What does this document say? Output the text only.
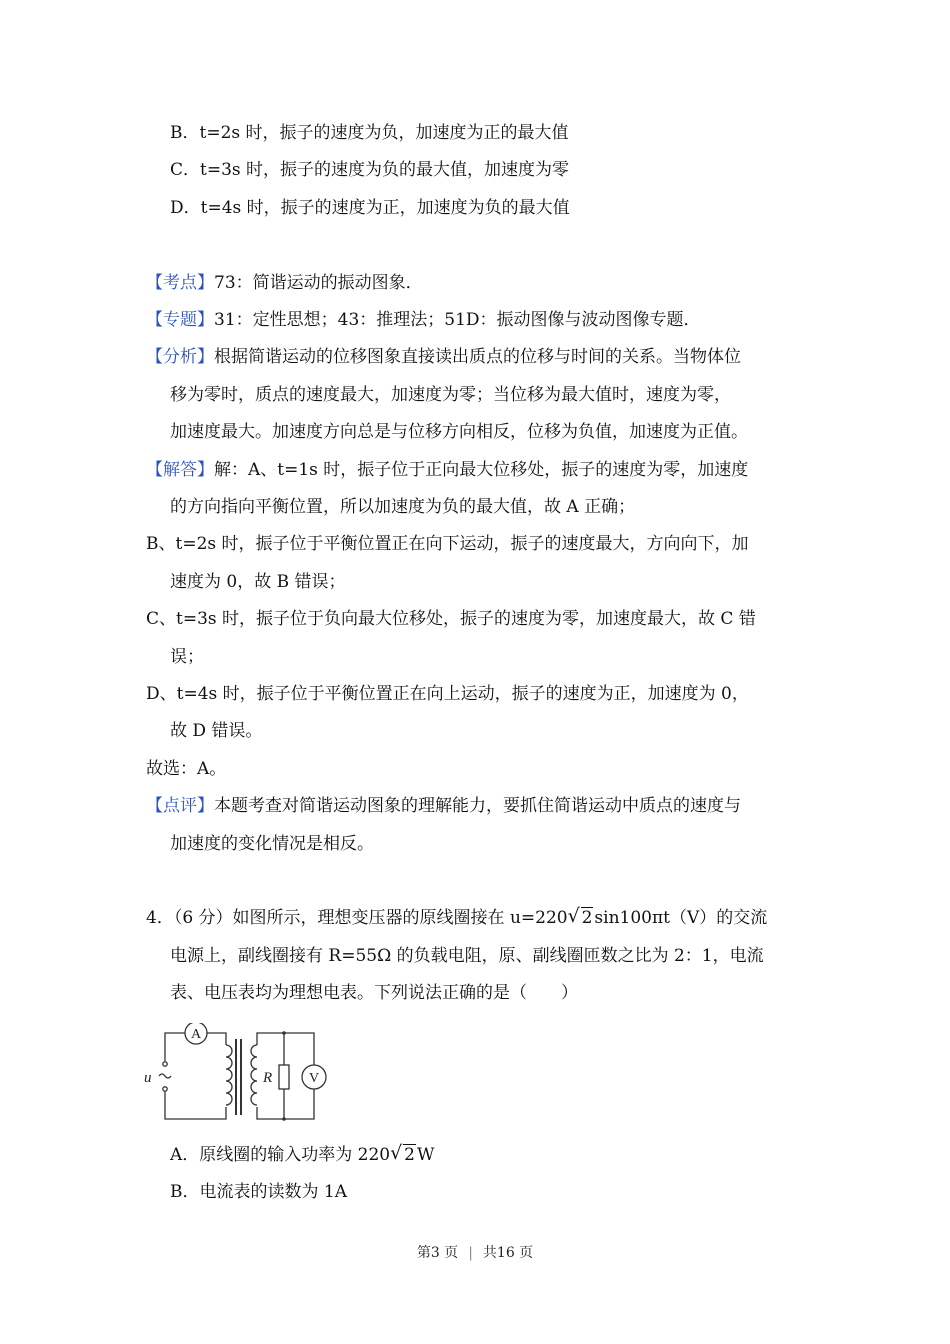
B．t=2s 时，振子的速度为负，加速度为正的最大值
C．t=3s 时，振子的速度为负的最大值，加速度为零
D．t=4s 时，振子的速度为正，加速度为负的最大值
【考点】73：简谐运动的振动图象．
【专题】31：定性思想；43：推理法；51D：振动图像与波动图像专题．
【分析】根据简谐运动的位移图象直接读出质点的位移与时间的关系。当物体位
移为零时，质点的速度最大，加速度为零；当位移为最大值时，速度为零，
加速度最大。加速度方向总是与位移方向相反，位移为负值，加速度为正值。
【解答】解：A、t=1s 时，振子位于正向最大位移处，振子的速度为零，加速度
的方向指向平衡位置，所以加速度为负的最大值，故 A 正确；
B、t=2s 时，振子位于平衡位置正在向下运动，振子的速度最大，方向向下，加
速度为 0，故 B 错误；
C、t=3s 时，振子位于负向最大位移处，振子的速度为零，加速度最大，故 C 错
误；
D、t=4s 时，振子位于平衡位置正在向上运动，振子的速度为正，加速度为 0，
故 D 错误。
故选：A。
【点评】本题考查对简谐运动图象的理解能力，要抓住简谐运动中质点的速度与
加速度的变化情况是相反。
4．（6 分）如图所示，理想变压器的原线圈接在 u=220 √ 2 sin100πt（V）的交流
电源上，副线圈接有 R=55Ω 的负载电阻，原、副线圈匝数之比为 2：1，电流
表、电压表均为理想电表。下列说法正确的是（　　）
A
V
R
u
A．原线圈的输入功率为 220 √ 2 W
B．电流表的读数为 1A
第3 页 | 共16 页
